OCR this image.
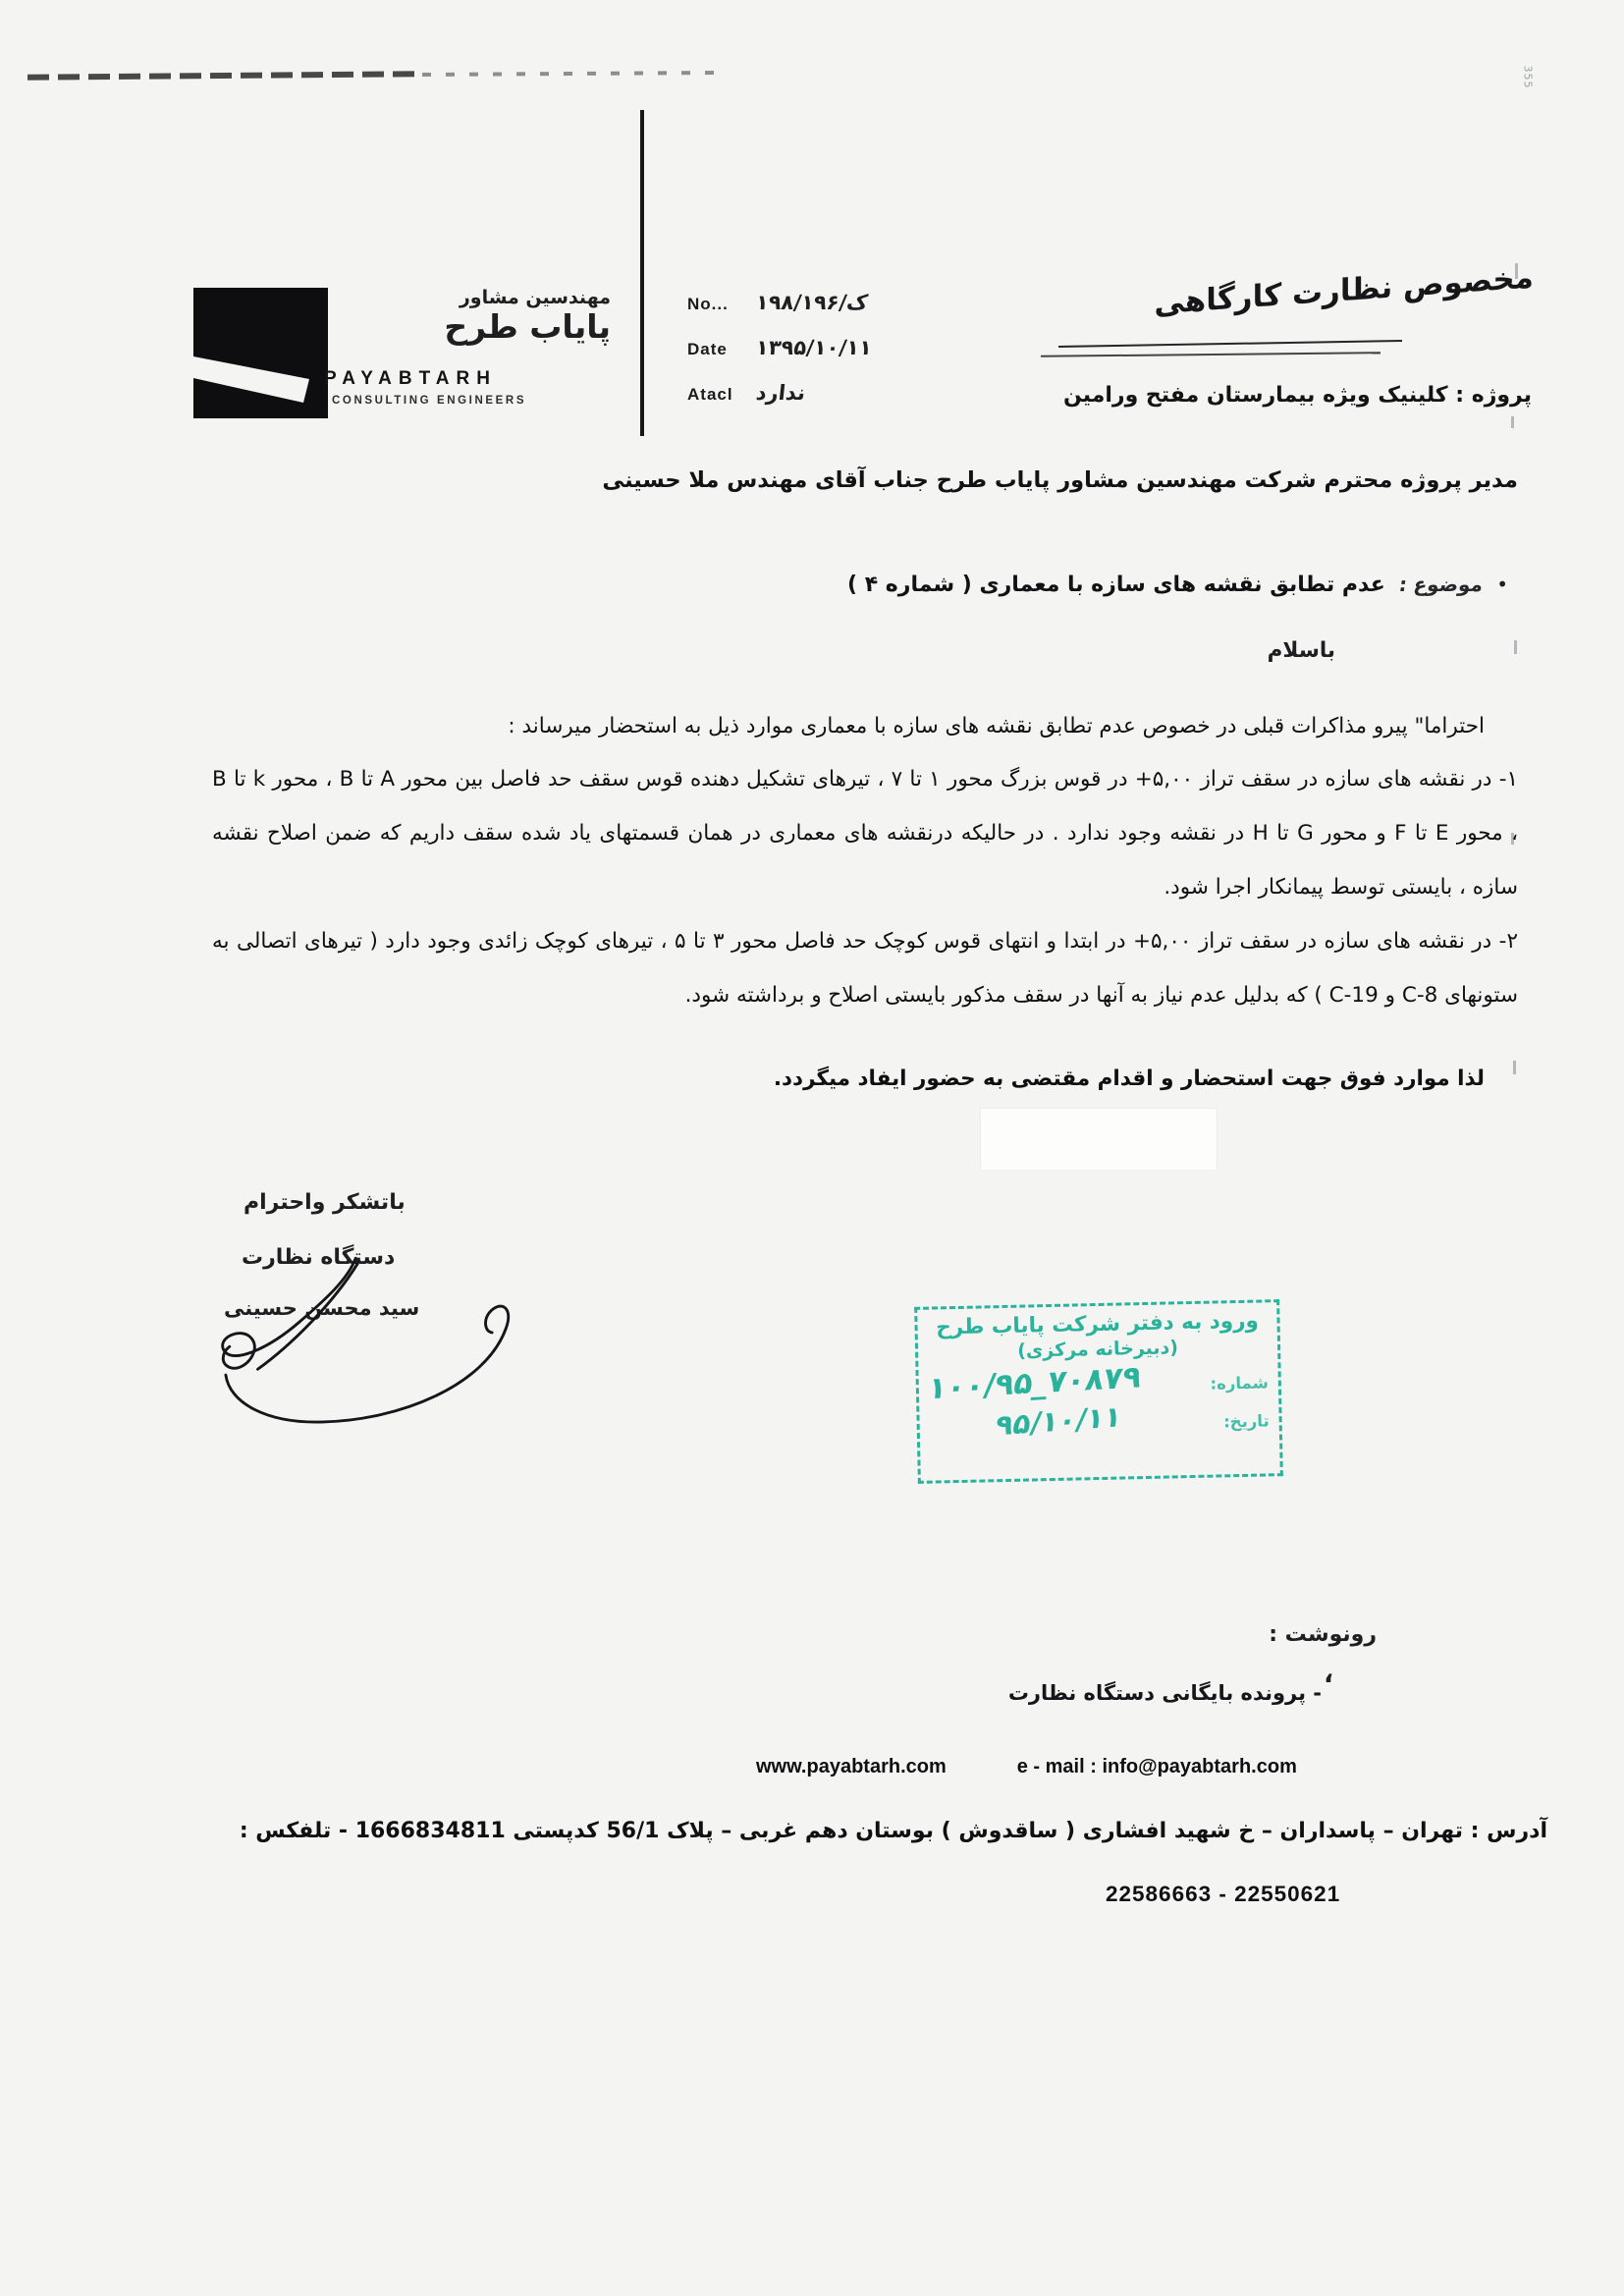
355
مهندسین مشاور
پایاب طرح
PAYABTARH
CONSULTING ENGINEERS
No...	۱۹۸/ک/۱۹۶
Date	۱۳۹۵/۱۰/۱۱
Atacl ندارد
مخصوص نظارت کارگاهی
پروژه : کلینیک ویژه بیمارستان مفتح ورامین
مدیر پروژه محترم شرکت مهندسین مشاور پایاب طرح جناب آقای مهندس ملا حسینی
•
موضوع :
عدم تطابق نقشه های سازه با معماری ( شماره ۴ )
باسلام
احتراما" پیرو مذاکرات قبلی در خصوص عدم تطابق نقشه های سازه با معماری موارد ذیل به استحضار میرساند :
۱- در نقشه های سازه در سقف تراز ۵,۰۰+ در قوس بزرگ محور ۱ تا ۷ ، تیرهای تشکیل دهنده قوس سقف حد فاصل بین محور A تا B ، محور k تا B ، محور E تا F و محور G تا H در نقشه وجود ندارد . در حالیکه درنقشه های معماری در همان قسمتهای یاد شده سقف داریم که ضمن اصلاح نقشه سازه ، بایستی توسط پیمانکار اجرا شود.
۲- در نقشه های سازه در سقف تراز ۵,۰۰+ در ابتدا و انتهای قوس کوچک حد فاصل محور ۳ تا ۵ ، تیرهای کوچک زائدی وجود دارد ( تیرهای اتصالی به ستونهای C-8 و C-19 ) که بدلیل عدم نیاز به آنها در سقف مذکور بایستی اصلاح و برداشته شود.
لذا موارد فوق جهت استحضار و اقدام مقتضی به حضور ایفاد میگردد.
باتشکر واحترام
دستگاه نظارت
سید محسن حسینی
ورود به دفتر شرکت پایاب طرح
(دبیرخانه مرکزی)
شماره:
۱۰۰/۹۵_۷۰۸۷۹
تاریخ:
۹۵/۱۰/۱۱
رونوشت :
،
- پرونده بایگانی دستگاه نظارت
www.payabtarh.com	e - mail : info@payabtarh.com
آدرس : تهران – پاسداران – خ شهید افشاری ( ساقدوش ) بوستان دهم غربی – پلاک 56/1 کدپستی 1666834811 - تلفکس :
22586663 - 22550621
